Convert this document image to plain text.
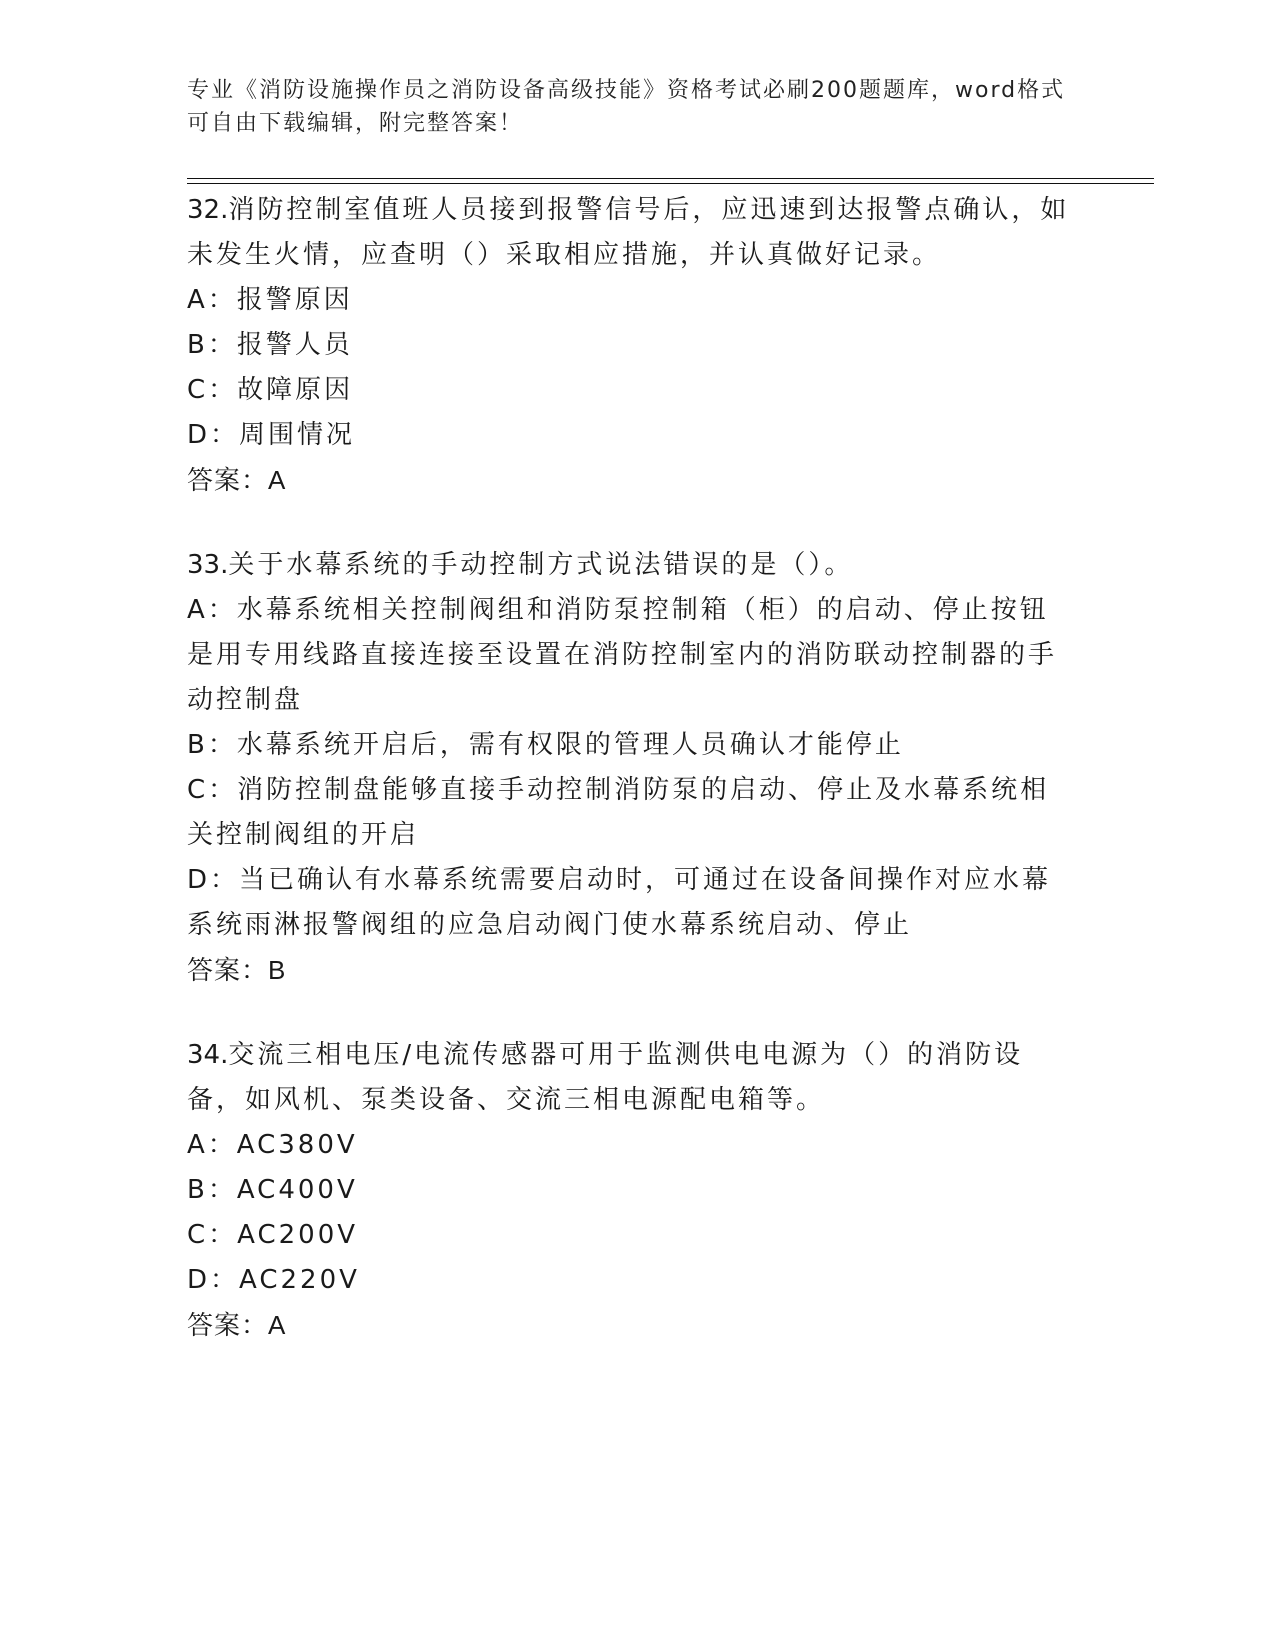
专业《消防设施操作员之消防设备高级技能》资格考试必刷200题题库，word格式可自由下载编辑，附完整答案！

32.消防控制室值班人员接到报警信号后，应迅速到达报警点确认，如未发生火情，应查明（）采取相应措施，并认真做好记录。

A：报警原因

B：报警人员

C：故障原因

D：周围情况

答案：A

33.关于水幕系统的手动控制方式说法错误的是（）。

A：水幕系统相关控制阀组和消防泵控制箱（柜）的启动、停止按钮是用专用线路直接连接至设置在消防控制室内的消防联动控制器的手动控制盘

B：水幕系统开启后，需有权限的管理人员确认才能停止

C：消防控制盘能够直接手动控制消防泵的启动、停止及水幕系统相关控制阀组的开启

D：当已确认有水幕系统需要启动时，可通过在设备间操作对应水幕系统雨淋报警阀组的应急启动阀门使水幕系统启动、停止

答案：B

34.交流三相电压/电流传感器可用于监测供电电源为（）的消防设备，如风机、泵类设备、交流三相电源配电箱等。

A：AC380V

B：AC400V

C：AC200V

D：AC220V

答案：A
